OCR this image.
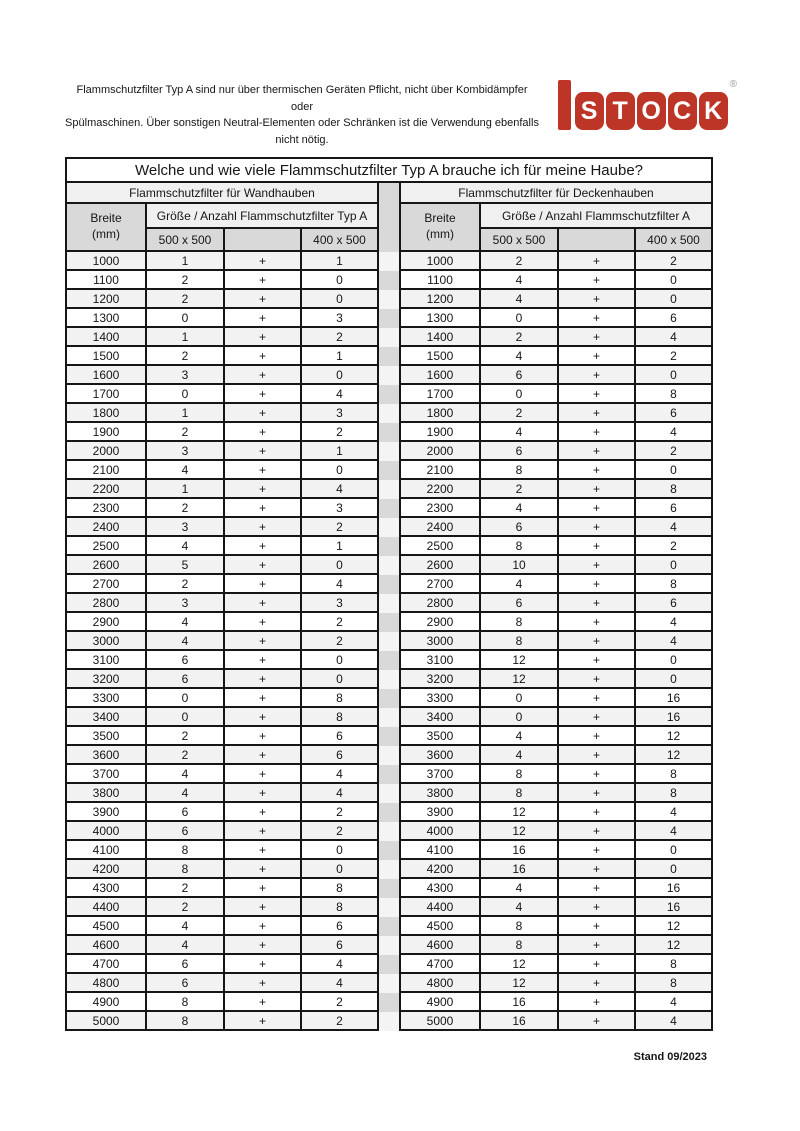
Flammschutzfilter Typ A sind nur über thermischen Geräten Pflicht, nicht über Kombidämpfer oder
Spülmaschinen. Über sonstigen Neutral-Elementen oder Schränken ist die Verwendung ebenfalls
nicht nötig.
S T O C K
®
Welche und wie viele Flammschutzfilter Typ A brauche ich für meine Haube?
Flammschutzfilter für Wandhauben	Flammschutzfilter für Deckenhauben
Breite
(mm)
Größe / Anzahl Flammschutzfilter Typ A	Breite
(mm)
Größe / Anzahl Flammschutzfilter A
500 x 500	400 x 500	500 x 500	400 x 500
1000	1	+	1	1000	2	+	2
1100	2	+	0	1100	4	+	0
1200	2	+	0	1200	4	+	0
1300	0	+	3	1300	0	+	6
1400	1	+	2	1400	2	+	4
1500	2	+	1	1500	4	+	2
1600	3	+	0	1600	6	+	0
1700	0	+	4	1700	0	+	8
1800	1	+	3	1800	2	+	6
1900	2	+	2	1900	4	+	4
2000	3	+	1	2000	6	+	2
2100	4	+	0	2100	8	+	0
2200	1	+	4	2200	2	+	8
2300	2	+	3	2300	4	+	6
2400	3	+	2	2400	6	+	4
2500	4	+	1	2500	8	+	2
2600	5	+	0	2600	10	+	0
2700	2	+	4	2700	4	+	8
2800	3	+	3	2800	6	+	6
2900	4	+	2	2900	8	+	4
3000	4	+	2	3000	8	+	4
3100	6	+	0	3100	12	+	0
3200	6	+	0	3200	12	+	0
3300	0	+	8	3300	0	+	16
3400	0	+	8	3400	0	+	16
3500	2	+	6	3500	4	+	12
3600	2	+	6	3600	4	+	12
3700	4	+	4	3700	8	+	8
3800	4	+	4	3800	8	+	8
3900	6	+	2	3900	12	+	4
4000	6	+	2	4000	12	+	4
4100	8	+	0	4100	16	+	0
4200	8	+	0	4200	16	+	0
4300	2	+	8	4300	4	+	16
4400	2	+	8	4400	4	+	16
4500	4	+	6	4500	8	+	12
4600	4	+	6	4600	8	+	12
4700	6	+	4	4700	12	+	8
4800	6	+	4	4800	12	+	8
4900	8	+	2	4900	16	+	4
5000	8	+	2	5000	16	+	4
Stand 09/2023
